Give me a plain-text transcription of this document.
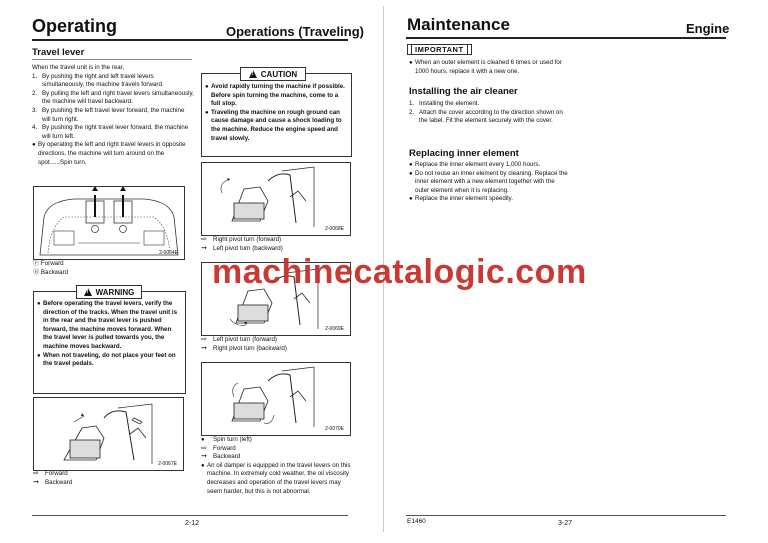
Operating	Operations (Traveling)
Travel lever

When the travel unit is in the rear,

1. By pushing the right and left travel levers simultaneously, the machine travels forward.
2. By pulling the left and right travel levers simultaneously, the machine will travel backward.
3. By pushing the left travel lever forward, the machine will turn right.
4. By pushing the right travel lever forward, the machine will turn left.
● By operating the left and right travel levers in opposite directions, the machine will turn around on the spot......Spin turn.
2-0064E

Ⓕ Forward

Ⓑ Backward

!
WARNING
● Before operating the travel levers, verify the direction of the tracks. When the travel unit is in the rear and the travel lever is pushed forward, the machine moves forward. When the travel lever is pulled towards you, the machine moves backward.
● When not traveling, do not place your feet on the travel pedals.
2-0067E
⇨ Forward
➞ Backward
!
CAUTION
● Avoid rapidly turning the machine if possible. Before spin turning the machine, come to a full stop.
● Traveling the machine on rough ground can cause damage and cause a shock loading to the machine. Reduce the engine speed and travel slowly.
2-0068E
⇨ Right pivot turn (forward)
➞ Left pivot turn (backward)
2-0069E
⇨ Left pivot turn (forward)
➞ Right pivot turn (backward)
2-0070E
●	Spin turn (left)
⇨ Forward
➞ Backward
● An oil damper is equipped in the travel levers on this machine. In extremely cold weather, the oil viscosity decreases and operation of the travel levers may seem harder, but this is not abnormal.
2-12
Maintenance	Engine
IMPORTANT
● When an outer element is cleaned 6 times or used for 1000 hours, replace it with a new one.
Installing the air cleaner
1. Installing the element.
2. Attach the cover according to the direction shown on the label. Fit the element securely with the cover.
Replacing inner element
● Replace the inner element every 1,000 hours.
● Do not reuse an inner element by cleaning. Replace the inner element with a new element together with the outer element when it is replacing.
● Replace the inner element speedily.
E1460	3-27
machinecatalogic.com
